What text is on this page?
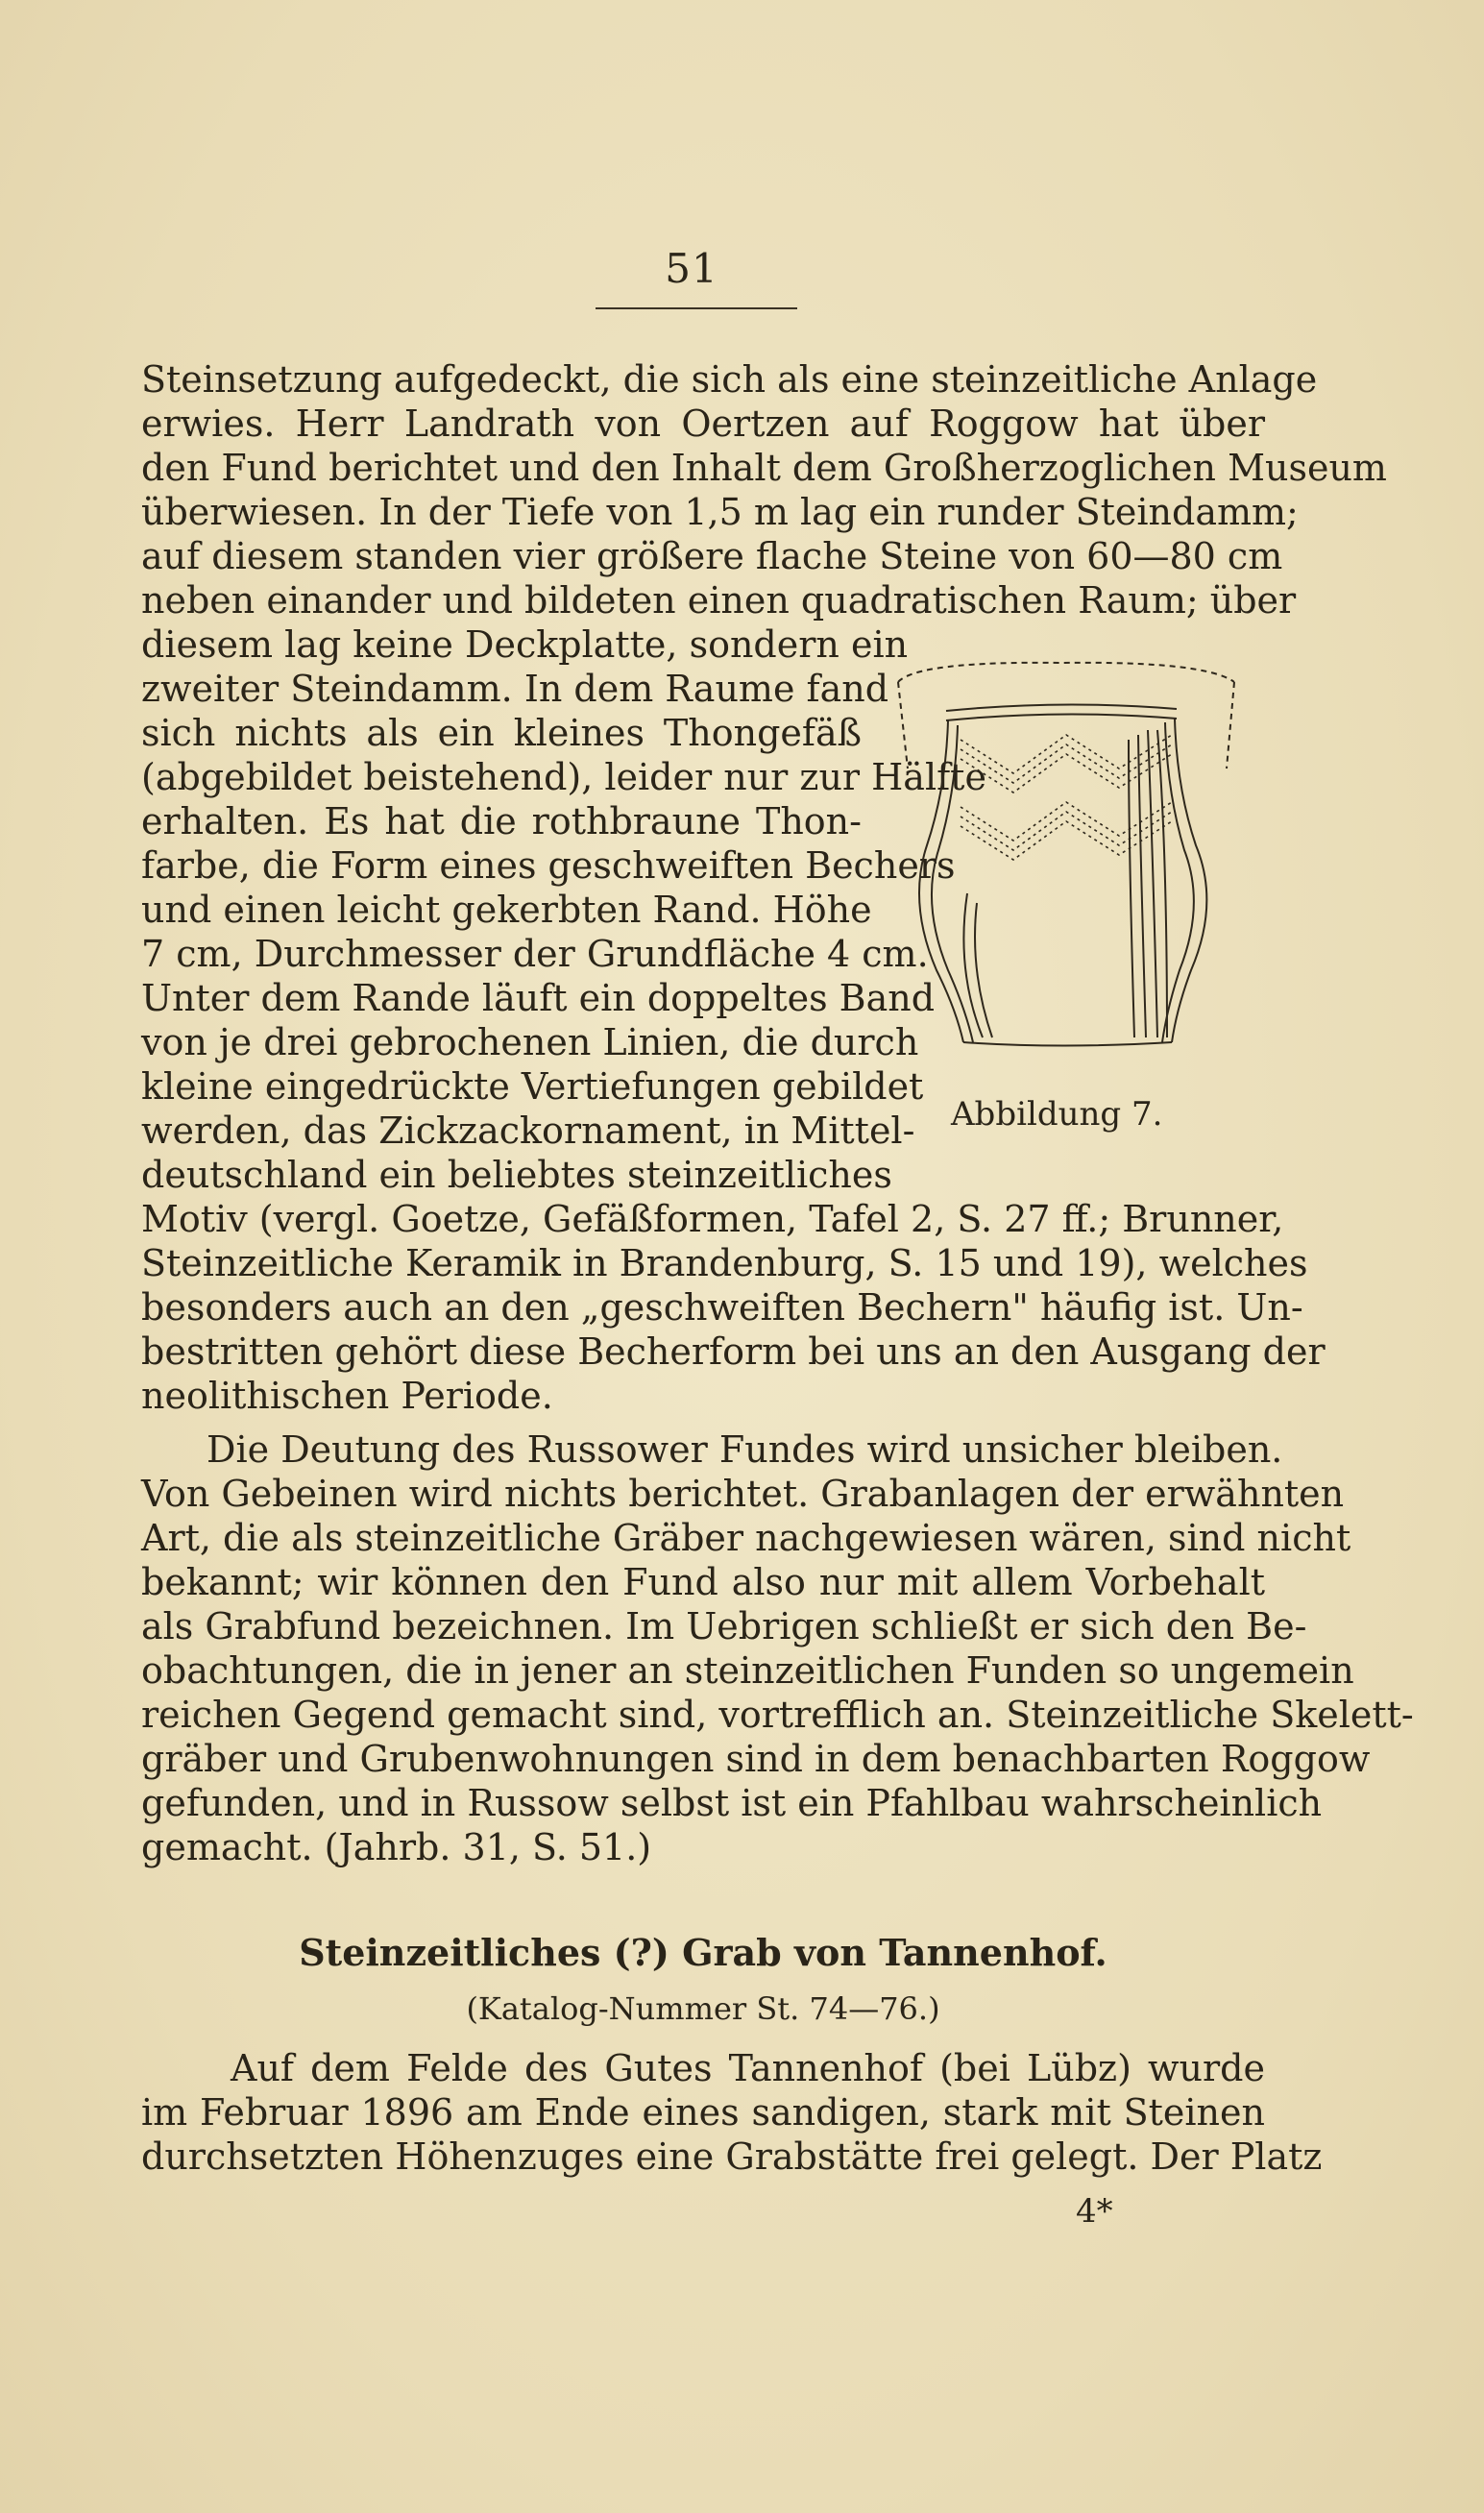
51
Steinsetzung aufgedeckt, die sich als eine steinzeitliche Anlage
erwies. Herr Landrath von Oertzen auf Roggow hat über
den Fund berichtet und den Inhalt dem Großherzoglichen Museum
überwiesen. In der Tiefe von 1,5 m lag ein runder Steindamm;
auf diesem standen vier größere flache Steine von 60—80 cm
neben einander und bildeten einen quadratischen Raum; über
diesem lag keine Deckplatte, sondern ein
zweiter Steindamm. In dem Raume fand
sich nichts als ein kleines Thongefäß
(abgebildet beistehend), leider nur zur Hälfte
erhalten. Es hat die rothbraune Thon-
farbe, die Form eines geschweiften Bechers
und einen leicht gekerbten Rand. Höhe
7 cm, Durchmesser der Grundfläche 4 cm.
Unter dem Rande läuft ein doppeltes Band
von je drei gebrochenen Linien, die durch
kleine eingedrückte Vertiefungen gebildet
werden, das Zickzackornament, in Mittel-
deutschland ein beliebtes steinzeitliches
Abbildung 7.
Motiv (vergl. Goetze, Gefäßformen, Tafel 2, S. 27 ff.; Brunner,
Steinzeitliche Keramik in Brandenburg, S. 15 und 19), welches
besonders auch an den „geschweiften Bechern" häufig ist. Un-
bestritten gehört diese Becherform bei uns an den Ausgang der
neolithischen Periode.
Die Deutung des Russower Fundes wird unsicher bleiben.
Von Gebeinen wird nichts berichtet. Grabanlagen der erwähnten
Art, die als steinzeitliche Gräber nachgewiesen wären, sind nicht
bekannt; wir können den Fund also nur mit allem Vorbehalt
als Grabfund bezeichnen. Im Uebrigen schließt er sich den Be-
obachtungen, die in jener an steinzeitlichen Funden so ungemein
reichen Gegend gemacht sind, vortrefflich an. Steinzeitliche Skelett-
gräber und Grubenwohnungen sind in dem benachbarten Roggow
gefunden, und in Russow selbst ist ein Pfahlbau wahrscheinlich
gemacht. (Jahrb. 31, S. 51.)
Steinzeitliches (?) Grab von Tannenhof.
(Katalog-Nummer St. 74—76.)
Auf dem Felde des Gutes Tannenhof (bei Lübz) wurde
im Februar 1896 am Ende eines sandigen, stark mit Steinen
durchsetzten Höhenzuges eine Grabstätte frei gelegt. Der Platz
4*
